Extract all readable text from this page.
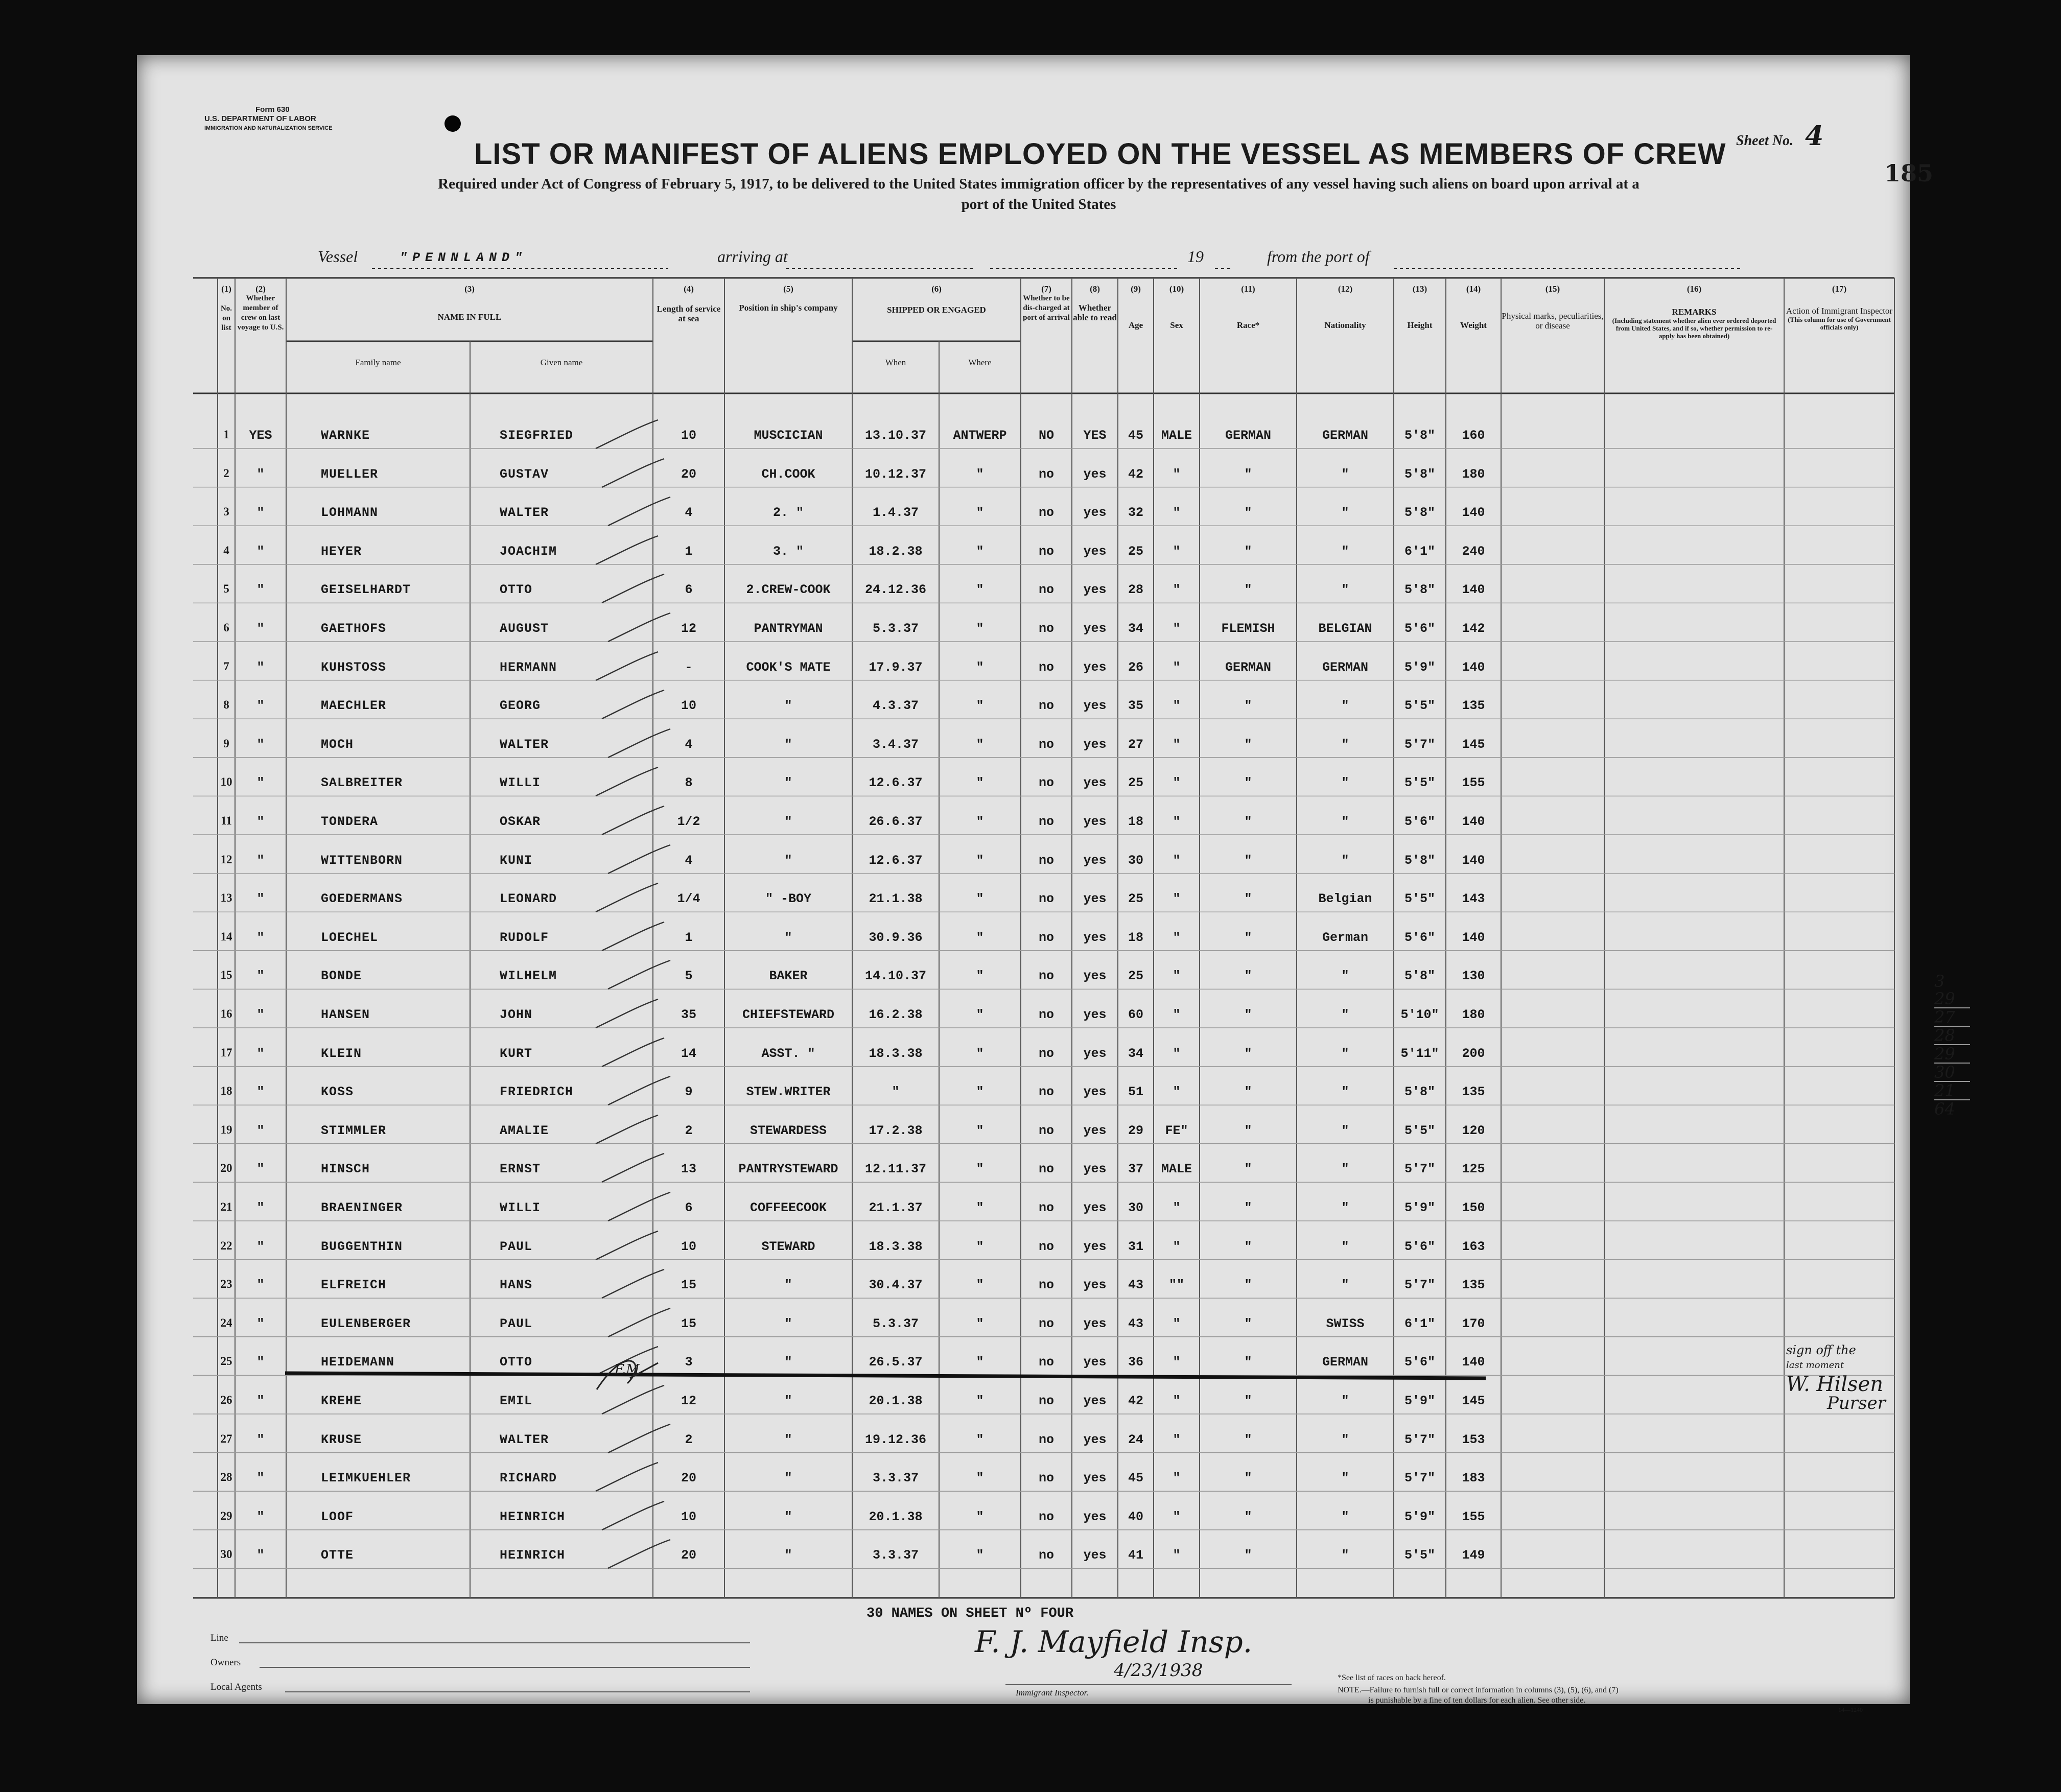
Form 630
U.S. DEPARTMENT OF LABOR
IMMIGRATION AND NATURALIZATION SERVICE
LIST OR MANIFEST OF ALIENS EMPLOYED ON THE VESSEL AS MEMBERS OF CREW Sheet No. 4
185
Required under Act of Congress of February 5, 1917, to be delivered to the United States immigration officer by the representatives of any vessel having such aliens on board upon arrival at a
port of the United States
Vessel	"PENNLAND"	arriving at	19	from the port of
(1)
No. on list
(2)
Whether member of crew on last voyage to U.S.
(3)
NAME IN FULL
Family name	Given name
(4)
Length of service at sea
(5)
Position in ship's company
(6)
SHIPPED OR ENGAGED
When	Where
(7)
Whether to be dis-charged at port of arrival
(8)
Whether able to read
(9)
Age
(10)
Sex
(11)
Race*
(12)
Nationality
(13)
Height
(14)
Weight
(15)
Physical marks, peculiarities, or disease
(16)
REMARKS
(Including statement whether alien ever ordered deported from United States, and if so, whether permission to re-apply has been obtained)
(17)
Action of Immigrant Inspector
(This column for use of Government officials only)
1	YES	WARNKE	SIEGFRIED	10	MUSCICIAN	13.10.37	ANTWERP	NO	YES	45	MALE	GERMAN	GERMAN	5'8"	160
2	"	MUELLER	GUSTAV	20	CH.COOK	10.12.37	"	no	yes	42	"	"	"	5'8"	180
3	"	LOHMANN	WALTER	4	2. "	1.4.37	"	no	yes	32	"	"	"	5'8"	140
4	"	HEYER	JOACHIM	1	3. "	18.2.38	"	no	yes	25	"	"	"	6'1"	240
5	"	GEISELHARDT	OTTO	6	2.CREW-COOK	24.12.36	"	no	yes	28	"	"	"	5'8"	140
6	"	GAETHOFS	AUGUST	12	PANTRYMAN	5.3.37	"	no	yes	34	"	FLEMISH	BELGIAN	5'6"	142
7	"	KUHSTOSS	HERMANN	-	COOK'S MATE	17.9.37	"	no	yes	26	"	GERMAN	GERMAN	5'9"	140
8	"	MAECHLER	GEORG	10	"	4.3.37	"	no	yes	35	"	"	"	5'5"	135
9	"	MOCH	WALTER	4	"	3.4.37	"	no	yes	27	"	"	"	5'7"	145
10	"	SALBREITER	WILLI	8	"	12.6.37	"	no	yes	25	"	"	"	5'5"	155
11	"	TONDERA	OSKAR	1/2	"	26.6.37	"	no	yes	18	"	"	"	5'6"	140
12	"	WITTENBORN	KUNI	4	"	12.6.37	"	no	yes	30	"	"	"	5'8"	140
13	"	GOEDERMANS	LEONARD	1/4	" -BOY	21.1.38	"	no	yes	25	"	"	Belgian	5'5"	143
14	"	LOECHEL	RUDOLF	1	"	30.9.36	"	no	yes	18	"	"	German	5'6"	140
15	"	BONDE	WILHELM	5	BAKER	14.10.37	"	no	yes	25	"	"	"	5'8"	130
16	"	HANSEN	JOHN	35	CHIEFSTEWARD	16.2.38	"	no	yes	60	"	"	"	5'10"	180
17	"	KLEIN	KURT	14	ASST. "	18.3.38	"	no	yes	34	"	"	"	5'11"	200
18	"	KOSS	FRIEDRICH	9	STEW.WRITER	"	"	no	yes	51	"	"	"	5'8"	135
19	"	STIMMLER	AMALIE	2	STEWARDESS	17.2.38	"	no	yes	29	FE"	"	"	5'5"	120
20	"	HINSCH	ERNST	13	PANTRYSTEWARD	12.11.37	"	no	yes	37	MALE	"	"	5'7"	125
21	"	BRAENINGER	WILLI	6	COFFEECOOK	21.1.37	"	no	yes	30	"	"	"	5'9"	150
22	"	BUGGENTHIN	PAUL	10	STEWARD	18.3.38	"	no	yes	31	"	"	"	5'6"	163
23	"	ELFREICH	HANS	15	"	30.4.37	"	no	yes	43	""	"	"	5'7"	135
24	"	EULENBERGER	PAUL	15	"	5.3.37	"	no	yes	43	"	"	SWISS	6'1"	170
25	"	HEIDEMANN	OTTO	3	"	26.5.37	"	no	yes	36	"	"	GERMAN	5'6"	140
26	"	KREHE	EMIL	12	"	20.1.38	"	no	yes	42	"	"	"	5'9"	145
27	"	KRUSE	WALTER	2	"	19.12.36	"	no	yes	24	"	"	"	5'7"	153
28	"	LEIMKUEHLER	RICHARD	20	"	3.3.37	"	no	yes	45	"	"	"	5'7"	183
29	"	LOOF	HEINRICH	10	"	20.1.38	"	no	yes	40	"	"	"	5'9"	155
30	"	OTTE	HEINRICH	20	"	3.3.37	"	no	yes	41	"	"	"	5'5"	149
F.M.
sign off the
last moment
W. Hilsen
Purser
30 NAMES ON SHEET Nº FOUR
Line
Owners
Local Agents
F. J. Mayfield Insp.
4/23/1938
Immigrant Inspector.
*See list of races on back hereof.
NOTE.—Failure to furnish full or correct information in columns (3), (5), (6), and (7)
is punishable by a fine of ten dollars for each alien. See other side.
14—1240
3
29
27
28
29
30
21
64
